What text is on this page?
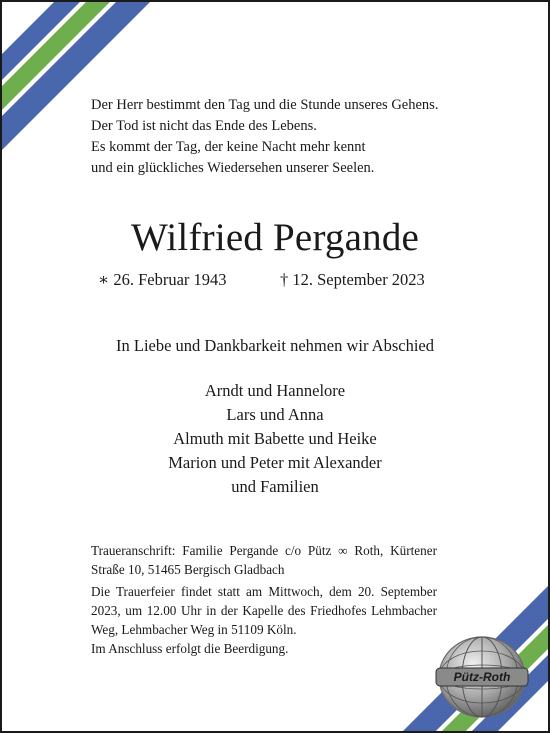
Der Herr bestimmt den Tag und die Stunde unseres Gehens.
Der Tod ist nicht das Ende des Lebens.
Es kommt der Tag, der keine Nacht mehr kennt
und ein glückliches Wiedersehen unserer Seelen.
Wilfried Pergande
∗ 26. Februar 1943	† 12. September 2023
In Liebe und Dankbarkeit nehmen wir Abschied
Arndt und Hannelore
Lars und Anna
Almuth mit Babette und Heike
Marion und Peter mit Alexander
und Familien

Traueranschrift: Familie Pergande c/o Pütz ∞ Roth, Kürtener Straße 10, 51465 Bergisch Gladbach

Die Trauerfeier findet statt am Mittwoch, dem 20. September 2023, um 12.00 Uhr in der Kapelle des Friedhofes Lehmbacher Weg, Lehmbacher Weg in 51109 Köln.

Im Anschluss erfolgt die Beerdigung.

Pütz-Roth
